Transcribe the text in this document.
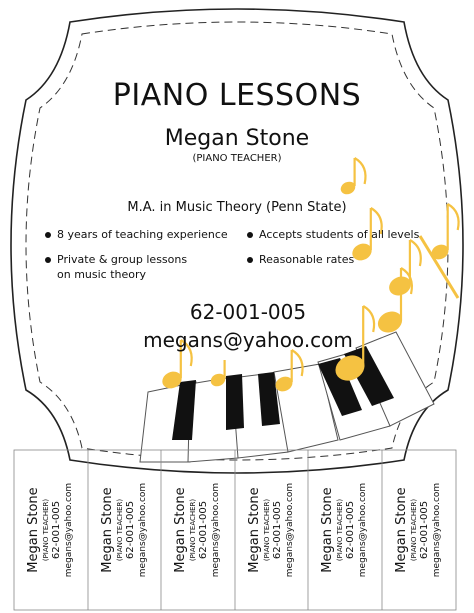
PIANO LESSONS
Megan Stone
(PIANO TEACHER)
M.A. in Music Theory (Penn State)
8 years of teaching experience	Accepts students of all levels
Private & group lessons
on music theory
Reasonable rates
62-001-005
megans@yahoo.com
Megan Stone (PIANO TEACHER) 62-001-005 megans@yahoo.com Megan Stone (PIANO TEACHER) 62-001-005 megans@yahoo.com Megan Stone (PIANO TEACHER) 62-001-005 megans@yahoo.com Megan Stone (PIANO TEACHER) 62-001-005 megans@yahoo.com Megan Stone (PIANO TEACHER) 62-001-005 megans@yahoo.com Megan Stone (PIANO TEACHER) 62-001-005 megans@yahoo.com
